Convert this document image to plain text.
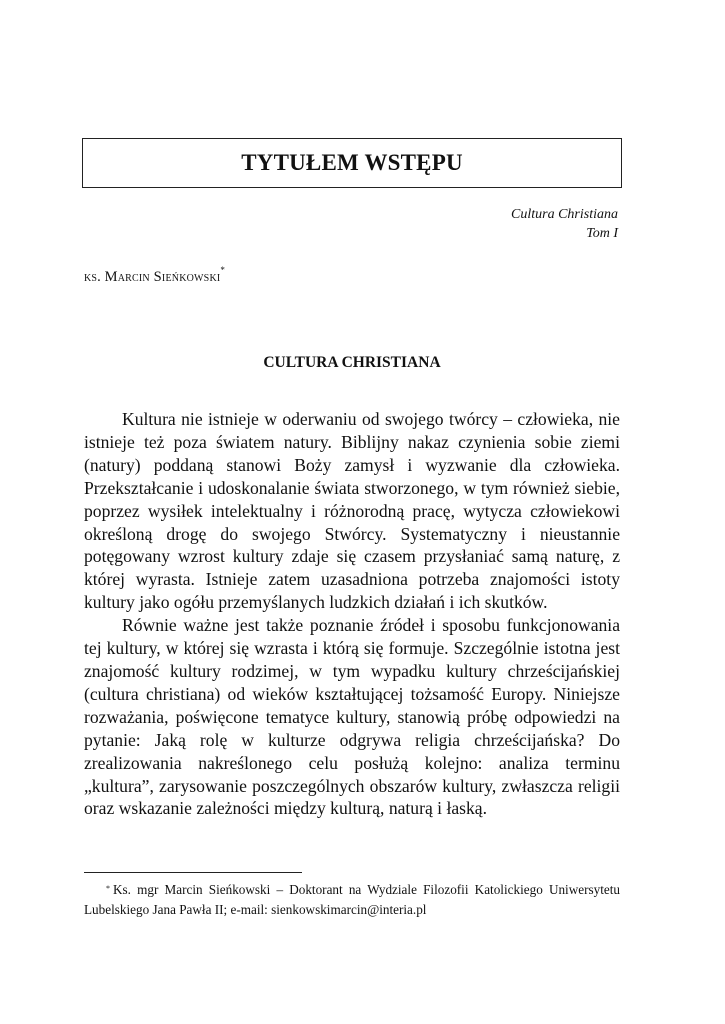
TYTUŁEM WSTĘPU
Cultura Christiana
Tom I
ks. Marcin Sieńkowski*
CULTURA CHRISTIANA

Kultura nie istnieje w oderwaniu od swojego twórcy – człowieka, nie istnieje też poza światem natury. Biblijny nakaz czynienia sobie ziemi (natury) poddaną stanowi Boży zamysł i wyzwanie dla człowieka. Przekształcanie i udoskonalanie świata stworzonego, w tym również siebie, poprzez wysiłek intelektualny i różnorodną pracę, wytycza człowiekowi określoną drogę do swojego Stwórcy. Systematyczny i nieustannie potęgowany wzrost kultury zdaje się czasem przysłaniać samą naturę, z której wyrasta. Istnieje zatem uzasadniona potrzeba znajomości istoty kultury jako ogółu przemyślanych ludzkich działań i ich skutków.

Równie ważne jest także poznanie źródeł i sposobu funkcjonowania tej kultury, w której się wzrasta i którą się formuje. Szczególnie istotna jest znajomość kultury rodzimej, w tym wypadku kultury chrześcijańskiej (cultura christiana) od wieków kształtującej tożsamość Europy. Niniejsze rozważania, poświęcone tematyce kultury, stanowią próbę odpowiedzi na pytanie: Jaką rolę w kulturze odgrywa religia chrześcijańska? Do zrealizowania nakreślonego celu posłużą kolejno: analiza terminu „kultura”, zarysowanie poszczególnych obszarów kultury, zwłaszcza religii oraz wskazanie zależności między kulturą, naturą i łaską.

* Ks. mgr Marcin Sieńkowski – Doktorant na Wydziale Filozofii Katolickiego Uniwersytetu Lubelskiego Jana Pawła II; e-mail: sienkowskimarcin@interia.pl
